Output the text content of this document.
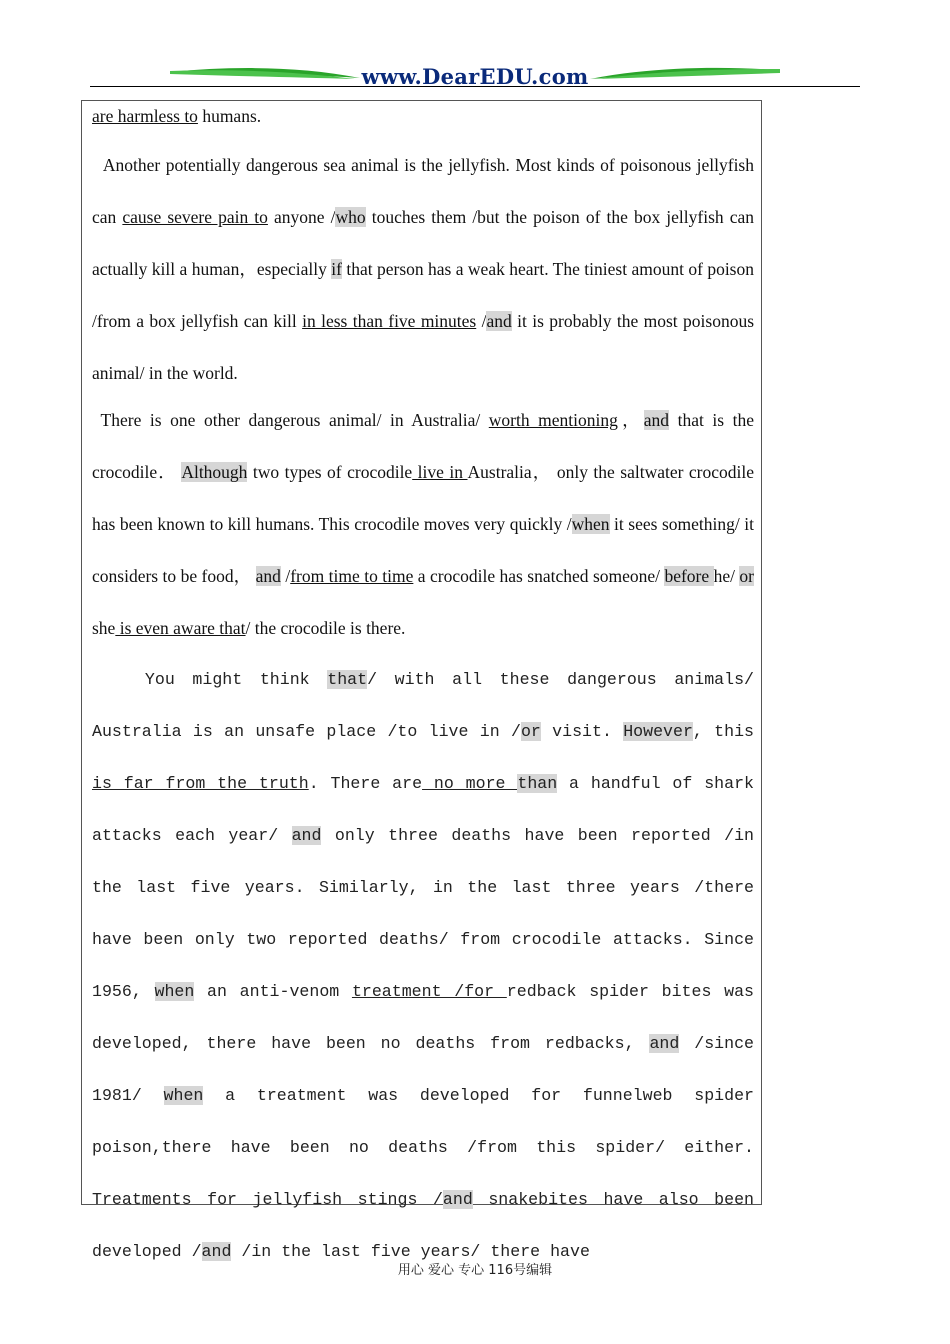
www.DearEDU.com

are harmless to humans.

Another potentially dangerous sea animal is the jellyfish. Most kinds of poisonous jellyfish can cause severe pain to anyone /who touches them /but the poison of the box jellyfish can actually kill a human，especially if that person has a weak heart. The tiniest amount of poison /from a box jellyfish can kill in less than five minutes /and it is probably the most poisonous animal/ in the world.

There is one other dangerous animal/ in Australia/ worth mentioning，and that is the crocodile． Although two types of crocodile live in Australia， only the saltwater crocodile has been known to kill humans. This crocodile moves very quickly /when it sees something/ it considers to be food， and /from time to time a crocodile has snatched someone/ before he/ or she is even aware that/ the crocodile is there.

You might think that/ with all these dangerous animals/ Australia is an unsafe place /to live in /or visit. However, this is far from the truth. There are no more than a handful of shark attacks each year/ and only three deaths have been reported /in the last five years. Similarly, in the last three years /there have been only two reported deaths/ from crocodile attacks. Since 1956, when an anti-venom treatment /for redback spider bites was developed, there have been no deaths from redbacks, and /since 1981/ when a treatment was developed for funnelweb spider poison,there have been no deaths /from this spider/ either. Treatments for jellyfish stings /and snakebites have also been developed /and /in the last five years/ there have

用心 爱心 专心 116号编辑
